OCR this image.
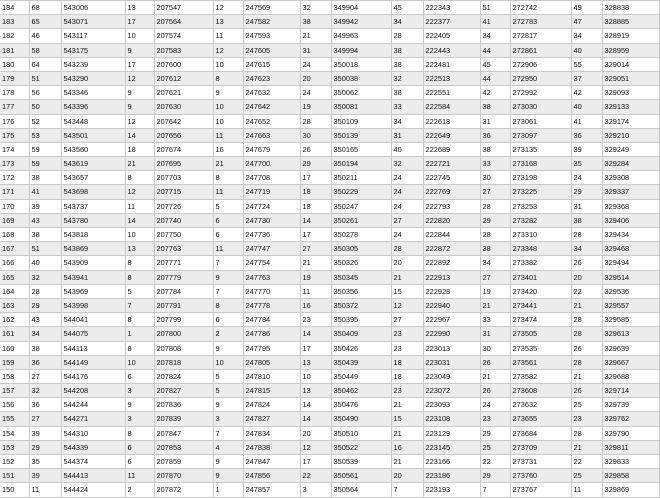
184	68	543006	13	207547	12	247569	32	349904	45	222343	51	272742	49	328838
183	65	543071	17	207564	13	247582	38	349942	34	222377	41	272783	47	328885
182	46	543117	10	207574	11	247593	21	349963	28	222405	34	272817	34	328919
181	58	543175	9	207583	12	247605	31	349994	38	222443	44	272861	40	328959
180	64	543239	17	207600	10	247615	24	350018	38	222481	45	272906	55	329014
179	51	543290	12	207612	8	247623	20	350038	32	222513	44	272950	37	329051
178	56	543346	9	207621	9	247632	24	350062	38	222551	42	272992	42	329093
177	50	543396	9	207630	10	247642	19	350081	33	222584	38	273030	40	329133
176	52	543448	12	207642	10	247652	28	350109	34	222618	31	273061	41	329174
175	53	543501	14	207656	11	247663	30	350139	31	222649	36	273097	36	329210
174	59	543560	18	207674	16	247679	26	350165	40	222689	38	273135	39	329249
173	59	543619	21	207695	21	247700	29	350194	32	222721	33	273168	35	329284
172	38	543657	8	207703	8	247708	17	350211	24	222745	30	273198	24	329308
171	41	543698	12	207715	11	247719	18	350229	24	222769	27	273225	29	329337
170	39	543737	11	207726	5	247724	18	350247	24	222793	28	273253	31	329368
169	43	543780	14	207740	6	247730	14	350261	27	222820	29	273282	38	329406
168	38	543818	10	207750	6	247736	17	350278	24	222844	28	273310	28	329434
167	51	543869	13	207763	11	247747	27	350305	28	222872	38	273348	34	329468
166	40	543909	8	207771	7	247754	21	350326	20	222892	34	273382	26	329494
165	32	543941	8	207779	9	247763	19	350345	21	222913	27	273401	20	329514
164	28	543969	5	207784	7	247770	11	350356	15	222928	19	273420	22	329536
163	29	543998	7	207791	8	247778	16	350372	12	222940	21	273441	21	329557
162	43	544041	8	207799	6	247784	23	350395	27	222967	33	273474	28	329585
161	34	544075	1	207800	2	247786	14	350409	23	222990	31	273505	28	329613
160	38	544113	8	207808	9	247795	17	350426	23	223013	30	273535	26	329639
159	36	544149	10	207818	10	247805	13	350439	18	223031	26	273561	28	329667
158	27	544176	6	207824	5	247810	10	350449	18	223049	21	273582	21	329688
157	32	544208	3	207827	5	247815	13	350462	23	223072	26	273608	26	329714
156	36	544244	9	207836	9	247824	14	350476	21	223093	24	273632	25	329739
155	27	544271	3	207839	3	247827	14	350490	15	223108	23	273655	23	329762
154	39	544310	8	207847	7	247834	20	350510	21	223129	29	273684	28	329790
153	29	544339	6	207853	4	247838	12	350522	16	223145	25	273709	21	329811
152	35	544374	6	207859	9	247847	17	350539	21	223166	22	273731	22	329833
151	39	544413	11	207870	9	247856	22	350561	20	223186	29	273760	25	329858
150	11	544424	2	207872	1	247857	3	350564	7	223193	7	273767	11	329869
